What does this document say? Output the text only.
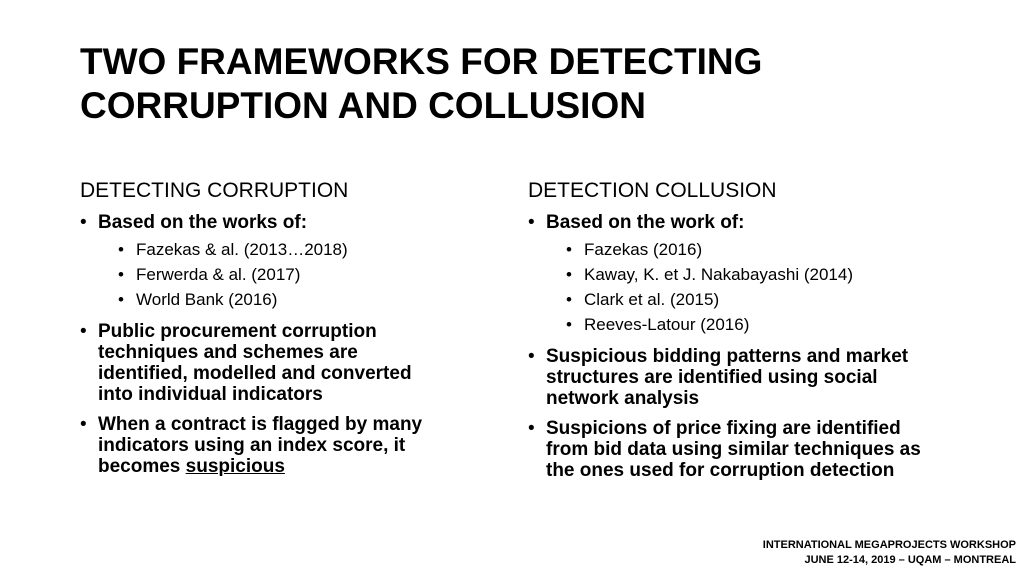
TWO FRAMEWORKS FOR DETECTING
CORRUPTION AND COLLUSION
DETECTING CORRUPTION
• Based on the works of:
• Fazekas & al. (2013…2018)
• Ferwerda & al. (2017)
• World Bank (2016)
• Public procurement corruption techniques and schemes are identified, modelled and converted into individual indicators
• When a contract is flagged by many indicators using an index score, it becomes suspicious
DETECTION COLLUSION
• Based on the work of:
• Fazekas (2016)
• Kaway, K. et J. Nakabayashi (2014)
• Clark et al. (2015)
• Reeves-Latour (2016)
• Suspicious bidding patterns and market structures are identified using social network analysis
• Suspicions of price fixing are identified from bid data using similar techniques as the ones used for corruption detection
INTERNATIONAL MEGAPROJECTS WORKSHOP
JUNE 12-14, 2019 – UQAM – MONTREAL
